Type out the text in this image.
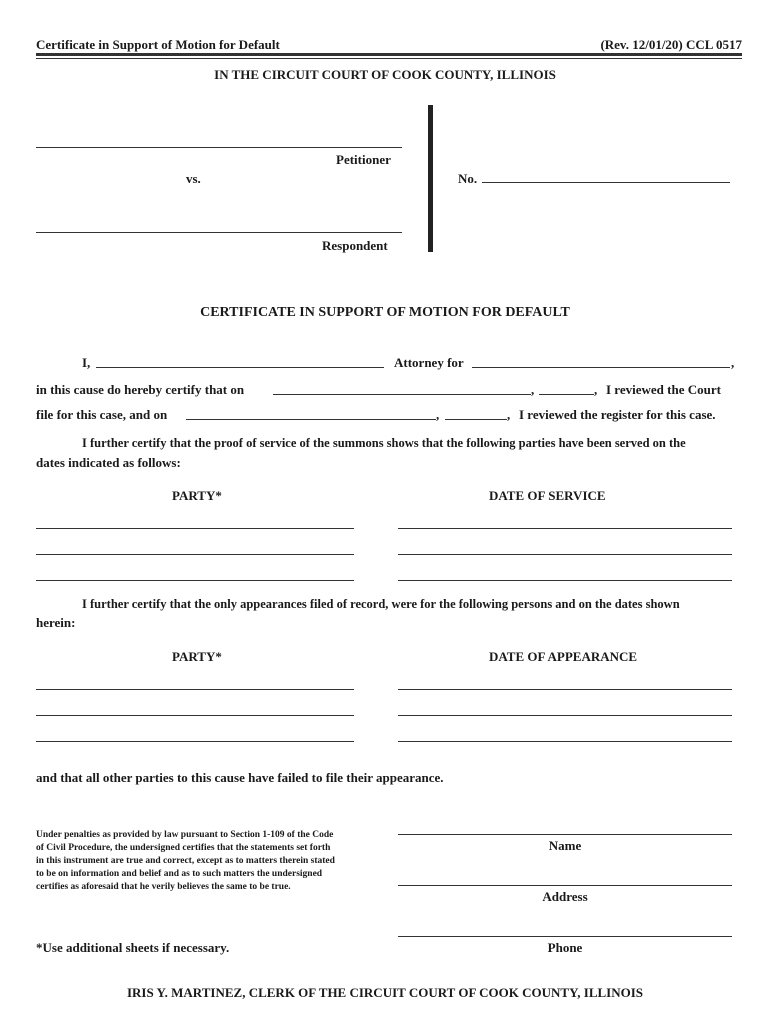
Certificate in Support of Motion for Default	(Rev. 12/01/20) CCL 0517
IN THE CIRCUIT COURT OF COOK COUNTY, ILLINOIS
Petitioner
vs.
Respondent
No.
CERTIFICATE IN SUPPORT OF MOTION FOR DEFAULT
I,	Attorney for	,
in this cause do hereby certify that on	,	, I reviewed the Court
file for this case, and on	,	, I reviewed the register for this case.
I further certify that the proof of service of the summons shows that the following parties have been served on the
dates indicated as follows:
PARTY*	DATE OF SERVICE
I further certify that the only appearances filed of record, were for the following persons and on the dates shown
herein:
PARTY*	DATE OF APPEARANCE
and that all other parties to this cause have failed to file their appearance.
Under penalties as provided by law pursuant to Section 1-109 of the Code
of Civil Procedure, the undersigned certifies that the statements set forth
in this instrument are true and correct, except as to matters therein stated
to be on information and belief and as to such matters the undersigned
certifies as aforesaid that he verily believes the same to be true.
Name
Address
Phone
*Use additional sheets if necessary.
IRIS Y. MARTINEZ, CLERK OF THE CIRCUIT COURT OF COOK COUNTY, ILLINOIS
